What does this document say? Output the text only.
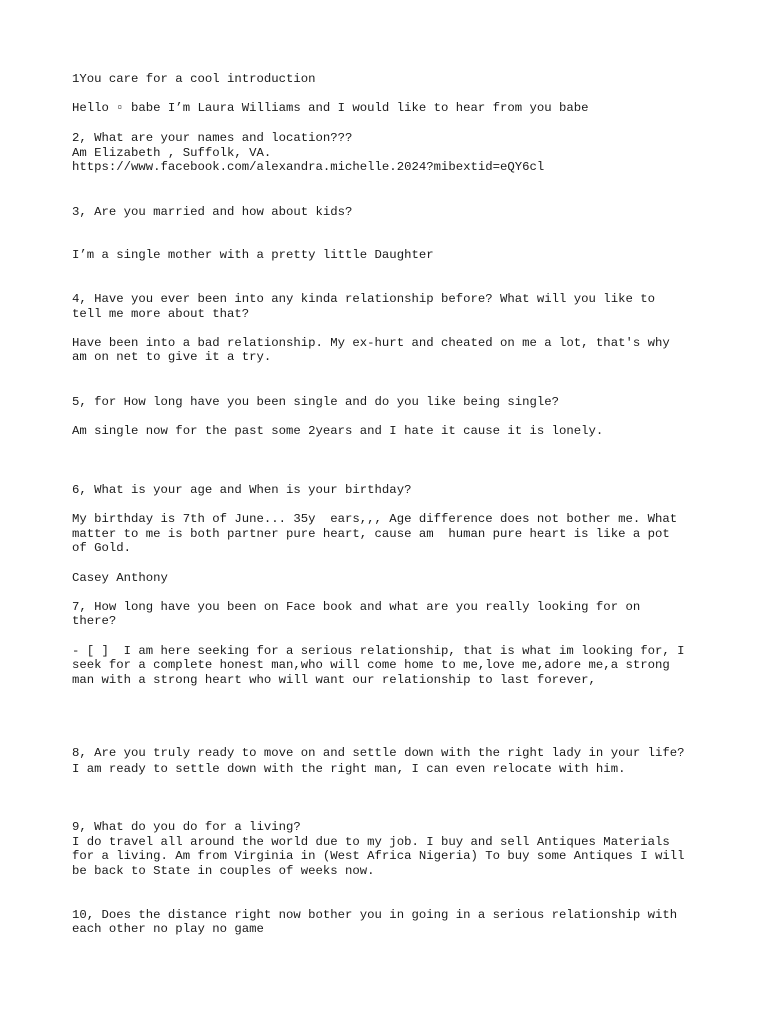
1You care for a cool introduction

Hello ▫ babe I’m Laura Williams and I would like to hear from you babe

2, What are your names and location???

Am Elizabeth , Suffolk, VA.

https://www.facebook.com/alexandra.michelle.2024?mibextid=eQY6cl

3, Are you married and how about kids?

I’m a single mother with a pretty little Daughter

4, Have you ever been into any kinda relationship before? What will you like to

tell me more about that?

Have been into a bad relationship. My ex-hurt and cheated on me a lot, that's why

am on net to give it a try.

5, for How long have you been single and do you like being single?

Am single now for the past some 2years and I hate it cause it is lonely.

6, What is your age and When is your birthday?

My birthday is 7th of June... 35y  ears,,, Age difference does not bother me. What

matter to me is both partner pure heart, cause am  human pure heart is like a pot

of Gold.

Casey Anthony

7, How long have you been on Face book and what are you really looking for on

there?

- [ ]  I am here seeking for a serious relationship, that is what im looking for, I

seek for a complete honest man,who will come home to me,love me,adore me,a strong

man with a strong heart who will want our relationship to last forever,

8, Are you truly ready to move on and settle down with the right lady in your life?

I am ready to settle down with the right man, I can even relocate with him.

9, What do you do for a living?

I do travel all around the world due to my job. I buy and sell Antiques Materials

for a living. Am from Virginia in (West Africa Nigeria) To buy some Antiques I will

be back to State in couples of weeks now.

10, Does the distance right now bother you in going in a serious relationship with

each other no play no game
